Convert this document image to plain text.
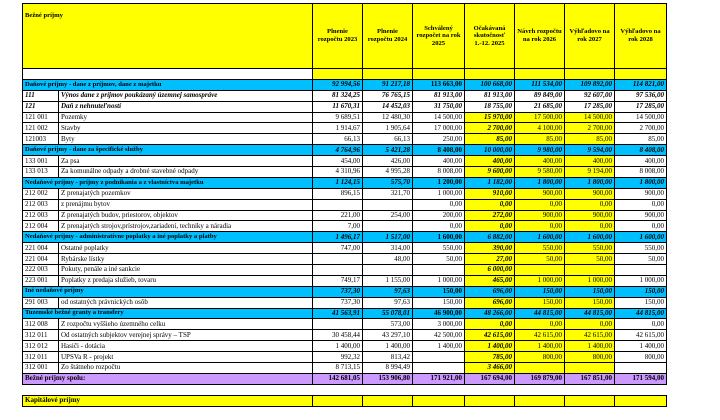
Bežné príjmy		Plnenie rozpočtu 2023	Plnenie rozpočtu 2024	Schválený rozpočet na rok 2025	Očakávaná skutočnosť 1.-12. 2025	Návrh rozpočtu na rok 2026	Výhľadovo na rok 2027	Výhľadovo na rok 2028

Daňové príjmy - dane z príjmov, dane z majetku		92 994,56	91 217,18	113 663,00	100 668,00	111 534,00	109 892,00	114 821,00
111	Výnos dane z príjmov poukázaný územnej samospráve	81 324,25	76 765,15	81 913,00	81 913,00	89 849,00	92 607,00	97 536,00
121	Daň z nehnuteľností	11 670,31	14 452,03	31 750,00	18 755,00	21 685,00	17 285,00	17 285,00
121 001	Pozemky	9 689,51	12 480,30	14 500,00	15 970,00	17 500,00	14 500,00	14 500,00
121 002	Stavby	1 914,67	1 905,64	17 000,00	2 700,00	4 100,00	2 700,00	2 700,00
121003	Byty	66,13	66,13	250,00	85,00	85,00	85,00	85,00
Daňové príjmy - dane za špecifické služby		4 764,96	5 421,28	8 408,00	10 000,00	9 980,00	9 594,00	8 408,00
133 001	Za psa	454,00	426,00	400,00	400,00	400,00	400,00	400,00
133 013	Za komunálne odpady a drobné stavebné odpady	4 310,96	4 995,28	8 008,00	9 600,00	9 580,00	9 194,00	8 008,00
Nedaňové príjmy - príjmy z podnikania a z vlastníctva majetku		1 124,15	575,70	1 200,00	1 182,00	1 800,00	1 800,00	1 800,00
212 002	Z prenajatých pozemkov	896,15	321,70	1 000,00	910,00	900,00	900,00	900,00
212 003	z prenájmu bytov			0,00	0,00	0,00	0,00	0,00
212 003	Z prenajatých budov, priestorov, objektov	221,00	254,00	200,00	272,00	900,00	900,00	900,00
212 004	Z prenajatých strojov,prístrojov,zariadení, techniky a náradia	7,00		0,00	0,00	0,00	0,00	0,00
Nedaňové príjmy - administratívne poplatky a iné poplatky a platby		1 496,17	1 517,00	1 600,00	6 882,00	1 600,00	1 600,00	1 600,00
221 004	Ostatné poplatky	747,00	314,00	550,00	390,00	550,00	550,00	550,00
221 004	Rybárske lístky		48,00	50,00	27,00	50,00	50,00	50,00
222 003	Pokuty, penále a iné sankcie				6 000,00			
223 001	Poplatky z predaja služieb, tovaru	749,17	1 155,00	1 000,00	465,00	1 000,00	1 000,00	1 000,00
Iné nedaňové príjmy		737,30	97,63	150,00	696,00	150,00	150,00	150,00
291 003	od ostatných právnických osôb	737,30	97,63	150,00	696,00	150,00	150,00	150,00
Tuzemské bežné granty a transfery		41 563,91	55 078,01	46 900,00	48 266,00	44 815,00	44 815,00	44 815,00
312 008	Z rozpočtu vyššieho územného celku		573,00	3 000,00	0,00	0,00	0,00	0,00
312 011	Od ostatných subjektov verejnej správy – TSP	30 458,44	43 297,10	42 500,00	42 615,00	42 615,00	42 615,00	42 615,00
312 012	Hasiči - dotácia	1 400,00	1 400,00	1 400,00	1 400,00	1 400,00	1 400,00	1 400,00
312 011	UPSVa R - projekt	992,32	813,42		785,00	800,00	800,00	800,00
312 001	Zo štátneho rozpočtu	8 713,15	8 994,49		3 466,00			
Bežné príjmy spolu:		142 681,05	153 906,80	171 921,00	167 694,00	169 879,00	167 851,00	171 594,00

Kapitálové príjmy								
